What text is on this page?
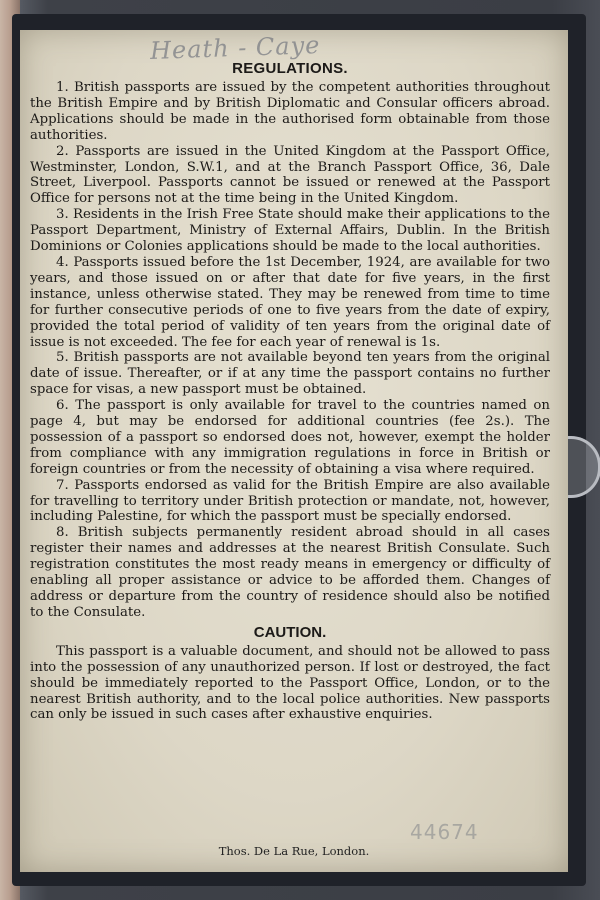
Heath - Caye
REGULATIONS.

1. British passports are issued by the competent authorities throughout the British Empire and by British Diplomatic and Consular officers abroad. Applications should be made in the authorised form obtainable from those authorities.

2. Passports are issued in the United Kingdom at the Passport Office, Westminster, London, S.W.1, and at the Branch Passport Office, 36, Dale Street, Liverpool. Passports cannot be issued or renewed at the Passport Office for persons not at the time being in the United Kingdom.

3. Residents in the Irish Free State should make their applications to the Passport Department, Ministry of External Affairs, Dublin. In the British Dominions or Colonies applications should be made to the local authorities.

4. Passports issued before the 1st December, 1924, are available for two years, and those issued on or after that date for five years, in the first instance, unless otherwise stated. They may be renewed from time to time for further consecutive periods of one to five years from the date of expiry, provided the total period of validity of ten years from the original date of issue is not exceeded. The fee for each year of renewal is 1s.

5. British passports are not available beyond ten years from the original date of issue. Thereafter, or if at any time the passport contains no further space for visas, a new passport must be obtained.

6. The passport is only available for travel to the countries named on page 4, but may be endorsed for additional countries (fee 2s.). The possession of a passport so endorsed does not, however, exempt the holder from compliance with any immigration regulations in force in British or foreign countries or from the necessity of obtaining a visa where required.

7. Passports endorsed as valid for the British Empire are also available for travelling to territory under British protection or mandate, not, however, including Palestine, for which the passport must be specially endorsed.

8. British subjects permanently resident abroad should in all cases register their names and addresses at the nearest British Consulate. Such registration constitutes the most ready means in emergency or difficulty of enabling all proper assistance or advice to be afforded them. Changes of address or departure from the country of residence should also be notified to the Consulate.

CAUTION.

This passport is a valuable document, and should not be allowed to pass into the possession of any unauthorized person. If lost or destroyed, the fact should be immediately reported to the Passport Office, London, or to the nearest British authority, and to the local police authorities. New passports can only be issued in such cases after exhaustive enquiries.

44674
Thos. De La Rue, London.
